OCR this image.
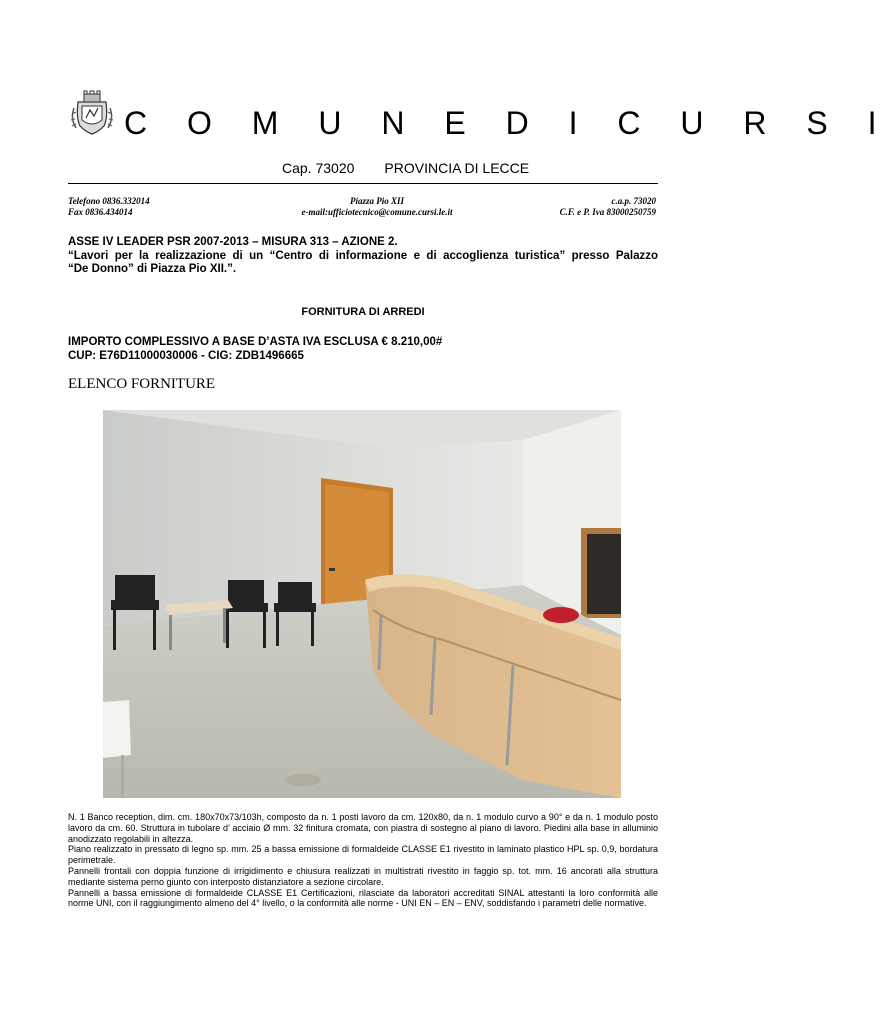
C O M U N E D I C U R S I
Cap. 73020 PROVINCIA DI LECCE
Telefono 0836.332014
Fax 0836.434014
Piazza Pio XII
e-mail:ufficiotecnico@comune.cursi.le.it
c.a.p. 73020
C.F. e P. Iva 83000250759
ASSE IV LEADER PSR 2007-2013 – MISURA 313 – AZIONE 2.
“Lavori per la realizzazione di un “Centro di informazione e di accoglienza turistica” presso Palazzo
“De Donno” di Piazza Pio XII.”.
FORNITURA DI ARREDI
IMPORTO COMPLESSIVO A BASE D’ASTA IVA ESCLUSA € 8.210,00#
CUP: E76D11000030006 - CIG: ZDB1496665
ELENCO FORNITURE

N. 1 Banco reception, dim. cm. 180x70x73/103h, composto da n. 1 posti lavoro da cm. 120x80, da n. 1 modulo curvo a 90° e da n. 1 modulo posto lavoro da cm. 60. Struttura in tubolare d’ acciaio Ø mm. 32 finitura cromata, con piastra di sostegno al piano di lavoro. Piedini alla base in alluminio anodizzato regolabili in altezza.

Piano realizzato in pressato di legno sp. mm. 25 a bassa emissione di formaldeide CLASSE E1 rivestito in laminato plastico HPL sp. 0,9, bordatura perimetrale.

Pannelli frontali con doppia funzione di irrigidimento e chiusura realizzati in multistrati rivestito in faggio sp. tot. mm. 16 ancorati alla struttura mediante sistema perno giunto con interposto distanziatore a sezione circolare.

Pannelli a bassa emissione di formaldeide CLASSE E1 Certificazioni, rilasciate da laboratori accreditati SINAL attestanti la loro conformità alle norme UNI, con il raggiungimento almeno del 4° livello, o la conformità alle norme - UNI EN – EN – ENV, soddisfando i parametri delle normative.
